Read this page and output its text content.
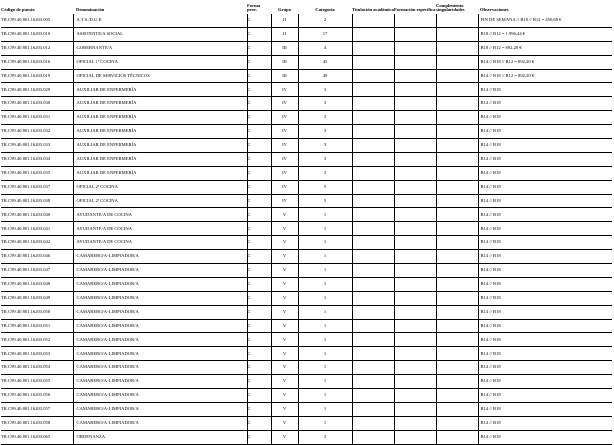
Código de puesto	Denominación	Forma prov.	Grupo	Categoría	Titulación académica	Formación específica	Complemento singularidades	Observaciones
TR.C99.40.801.16203.005	A.T.S./D.U.E.	C	II	2				FIN DE SEMANA // B18 // B12 = 450,68 €
TR.C99.40.801.16203.010	ASISTENTE/A SOCIAL	C	II	17				B18 // B12 = 1.996,44 €
TR.C99.40.801.16203.012	GOBERNANTE/A	C	III	4				B18 // B12 = 892,20 €
TR.C99.40.801.16203.016	OFICIAL 1ª COCINA	C	III	45				B14 // B18 // B12 = 892,20 €
TR.C99.40.801.16203.019	OFICIAL DE SERVICIOS TÉCNICOS	C	III	49				B14 // B18 // B12 = 892,20 €
TR.C99.40.801.16203.029	AUXILIAR DE ENFERMERÍA	C	IV	3				B14 // B18
TR.C99.40.801.16203.030	AUXILIAR DE ENFERMERÍA	C	IV	3				B14 // B18
TR.C99.40.801.16203.031	AUXILIAR DE ENFERMERÍA	C	IV	3				B14 // B18
TR.C99.40.801.16203.032	AUXILIAR DE ENFERMERÍA	C	IV	3				B14 // B18
TR.C99.40.801.16203.033	AUXILIAR DE ENFERMERÍA	C	IV	3				B14 // B18
TR.C99.40.801.16203.034	AUXILIAR DE ENFERMERÍA	C	IV	3				B14 // B18
TR.C99.40.801.16203.035	AUXILIAR DE ENFERMERÍA	C	IV	3				B14 // B18
TR.C99.40.801.16203.037	OFICIAL 2ª COCINA	C	IV	5				B14 // B18
TR.C99.40.801.16203.038	OFICIAL 2ª COCINA	C	IV	5				B14 // B18
TR.C99.40.801.16203.040	AYUDANTE/A DE COCINA	C	V	1				B14 // B18
TR.C99.40.801.16203.041	AYUDANTE/A DE COCINA	C	V	1				B14 // B18
TR.C99.40.801.16203.042	AYUDANTE/A DE COCINA	C	V	1				B14 // B18
TR.C99.40.801.16203.046	CAMARERO/A-LIMPIADOR/A	C	V	1				B14 // B18
TR.C99.40.801.16203.047	CAMARERO/A-LIMPIADOR/A	C	V	1				B14 // B18
TR.C99.40.801.16203.048	CAMARERO/A-LIMPIADOR/A	C	V	1				B14 // B18
TR.C99.40.801.16203.049	CAMARERO/A-LIMPIADOR/A	C	V	1				B14 // B18
TR.C99.40.801.16203.050	CAMARERO/A-LIMPIADOR/A	C	V	1				B14 // B18
TR.C99.40.801.16203.051	CAMARERO/A-LIMPIADOR/A	C	V	1				B14 // B18
TR.C99.40.801.16203.052	CAMARERO/A-LIMPIADOR/A	C	V	1				B14 // B18
TR.C99.40.801.16203.053	CAMARERO/A-LIMPIADOR/A	C	V	1				B14 // B18
TR.C99.40.801.16203.054	CAMARERO/A-LIMPIADOR/A	C	V	1				B14 // B18
TR.C99.40.801.16203.055	CAMARERO/A-LIMPIADOR/A	C	V	1				B14 // B18
TR.C99.40.801.16203.056	CAMARERO/A-LIMPIADOR/A	C	V	1				B14 // B18
TR.C99.40.801.16203.057	CAMARERO/A-LIMPIADOR/A	C	V	1				B14 // B18
TR.C99.40.801.16203.058	CAMARERO/A-LIMPIADOR/A	C	V	1				B14 // B18
TR.C99.40.801.16203.065	ORDENANZA	C	V	3				B14 // B18
